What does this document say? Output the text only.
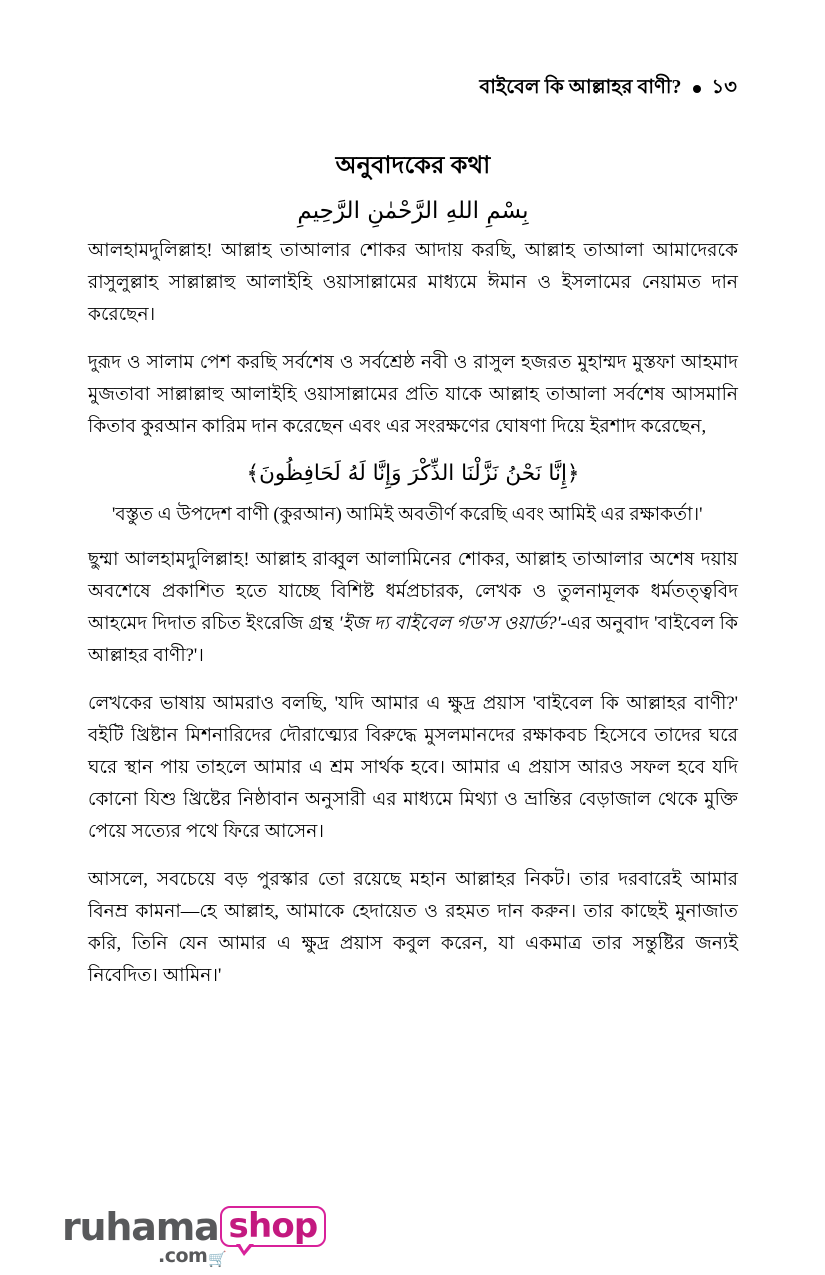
বাইবেল কি আল্লাহর বাণী? ১৩
অনুবাদকের কথা
بِسْمِ اللهِ الرَّحْمٰنِ الرَّحِيمِ

আলহামদুলিল্লাহ! আল্লাহ তাআলার শোকর আদায় করছি, আল্লাহ তাআলা আমাদেরকে রাসুলুল্লাহ সাল্লাল্লাহু আলাইহি ওয়াসাল্লামের মাধ্যমে ঈমান ও ইসলামের নেয়ামত দান করেছেন।

দুরূদ ও সালাম পেশ করছি সর্বশেষ ও সর্বশ্রেষ্ঠ নবী ও রাসুল হজরত মুহাম্মদ মুস্তফা আহমাদ মুজতাবা সাল্লাল্লাহু আলাইহি ওয়াসাল্লামের প্রতি যাকে আল্লাহ তাআলা সর্বশেষ আসমানি কিতাব কুরআন কারিম দান করেছেন এবং এর সংরক্ষণের ঘোষণা দিয়ে ইরশাদ করেছেন,

﴿إِنَّا نَحْنُ نَزَّلْنَا الذِّكْرَ وَإِنَّا لَهُ لَحَافِظُونَ﴾
'বস্তুত এ উপদেশ বাণী (কুরআন) আমিই অবতীর্ণ করেছি এবং আমিই এর রক্ষাকর্তা।'

ছুম্মা আলহামদুলিল্লাহ! আল্লাহ রাব্বুল আলামিনের শোকর, আল্লাহ তাআলার অশেষ দয়ায় অবশেষে প্রকাশিত হতে যাচ্ছে বিশিষ্ট ধর্মপ্রচারক, লেখক ও তুলনামূলক ধর্মতত্ত্ববিদ আহমেদ দিদাত রচিত ইংরেজি গ্রন্থ 'ইজ দ্য বাইবেল গড'স ওয়ার্ড?'-এর অনুবাদ 'বাইবেল কি আল্লাহর বাণী?'।

লেখকের ভাষায় আমরাও বলছি, 'যদি আমার এ ক্ষুদ্র প্রয়াস 'বাইবেল কি আল্লাহর বাণী?' বইটি খ্রিষ্টান মিশনারিদের দৌরাত্ম্যের বিরুদ্ধে মুসলমানদের রক্ষাকবচ হিসেবে তাদের ঘরে ঘরে স্থান পায় তাহলে আমার এ শ্রম সার্থক হবে। আমার এ প্রয়াস আরও সফল হবে যদি কোনো যিশু খ্রিষ্টের নিষ্ঠাবান অনুসারী এর মাধ্যমে মিথ্যা ও ভ্রান্তির বেড়াজাল থেকে মুক্তি পেয়ে সত্যের পথে ফিরে আসেন।

আসলে, সবচেয়ে বড় পুরস্কার তো রয়েছে মহান আল্লাহর নিকট। তার দরবারেই আমার বিনম্র কামনা—হে আল্লাহ, আমাকে হেদায়েত ও রহমত দান করুন। তার কাছেই মুনাজাত করি, তিনি যেন আমার এ ক্ষুদ্র প্রয়াস কবুল করেন, যা একমাত্র তার সন্তুষ্টির জন্যই নিবেদিত। আমিন।'

ruhama shop
.com 🛒
